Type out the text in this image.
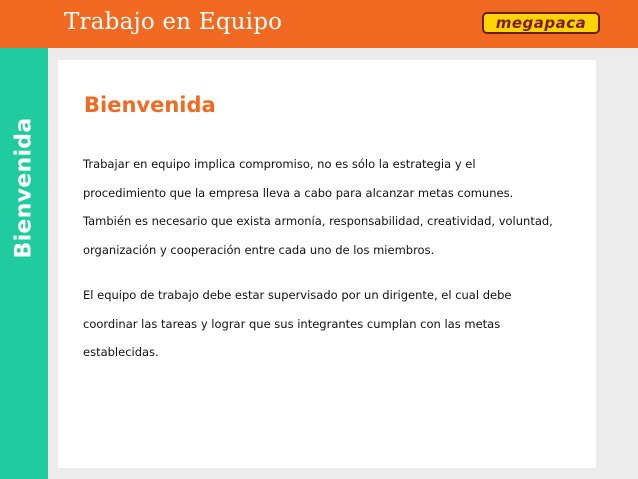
Trabajo en Equipo	megapaca
Bienvenida
Bienvenida

Trabajar en equipo implica compromiso, no es sólo la estrategia y el
procedimiento que la empresa lleva a cabo para alcanzar metas comunes.
También es necesario que exista armonía, responsabilidad, creatividad, voluntad,
organización y cooperación entre cada uno de los miembros.

El equipo de trabajo debe estar supervisado por un dirigente, el cual debe
coordinar las tareas y lograr que sus integrantes cumplan con las metas
establecidas.
